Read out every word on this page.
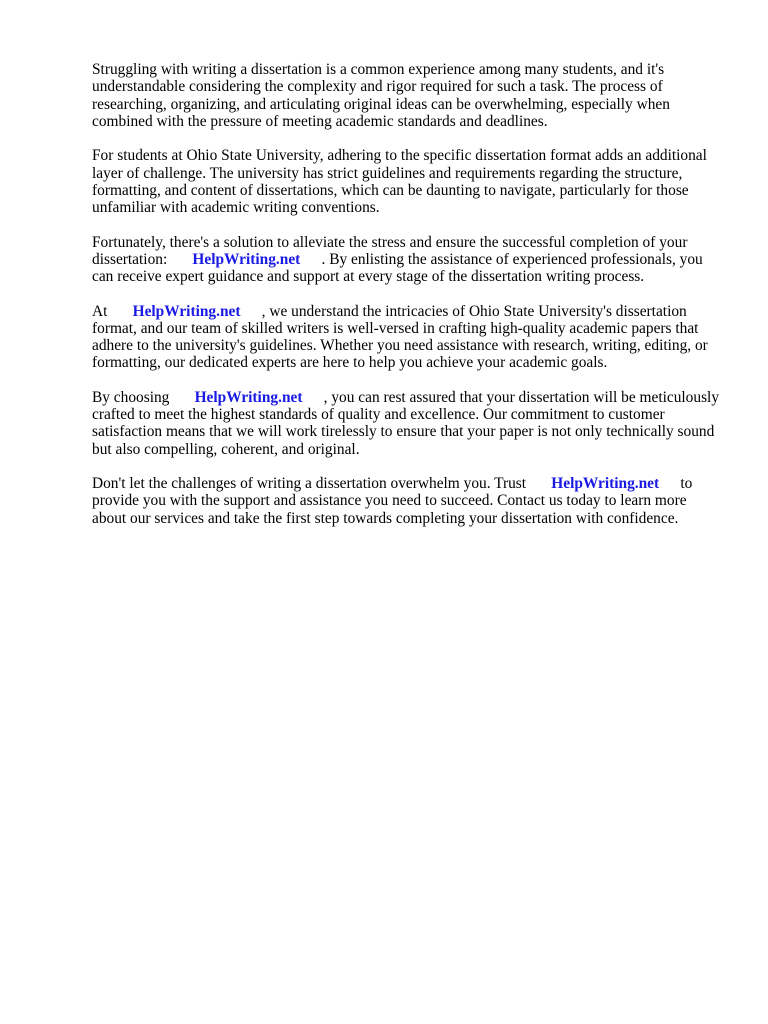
Struggling with writing a dissertation is a common experience among many students, and it's
understandable considering the complexity and rigor required for such a task. The process of
researching, organizing, and articulating original ideas can be overwhelming, especially when
combined with the pressure of meeting academic standards and deadlines.
For students at Ohio State University, adhering to the specific dissertation format adds an additional
layer of challenge. The university has strict guidelines and requirements regarding the structure,
formatting, and content of dissertations, which can be daunting to navigate, particularly for those
unfamiliar with academic writing conventions.
Fortunately, there's a solution to alleviate the stress and ensure the successful completion of your
dissertation: HelpWriting.net . By enlisting the assistance of experienced professionals, you
can receive expert guidance and support at every stage of the dissertation writing process.
At HelpWriting.net , we understand the intricacies of Ohio State University's dissertation
format, and our team of skilled writers is well-versed in crafting high-quality academic papers that
adhere to the university's guidelines. Whether you need assistance with research, writing, editing, or
formatting, our dedicated experts are here to help you achieve your academic goals.
By choosing HelpWriting.net , you can rest assured that your dissertation will be meticulously
crafted to meet the highest standards of quality and excellence. Our commitment to customer
satisfaction means that we will work tirelessly to ensure that your paper is not only technically sound
but also compelling, coherent, and original.
Don't let the challenges of writing a dissertation overwhelm you. Trust HelpWriting.net to
provide you with the support and assistance you need to succeed. Contact us today to learn more
about our services and take the first step towards completing your dissertation with confidence.
